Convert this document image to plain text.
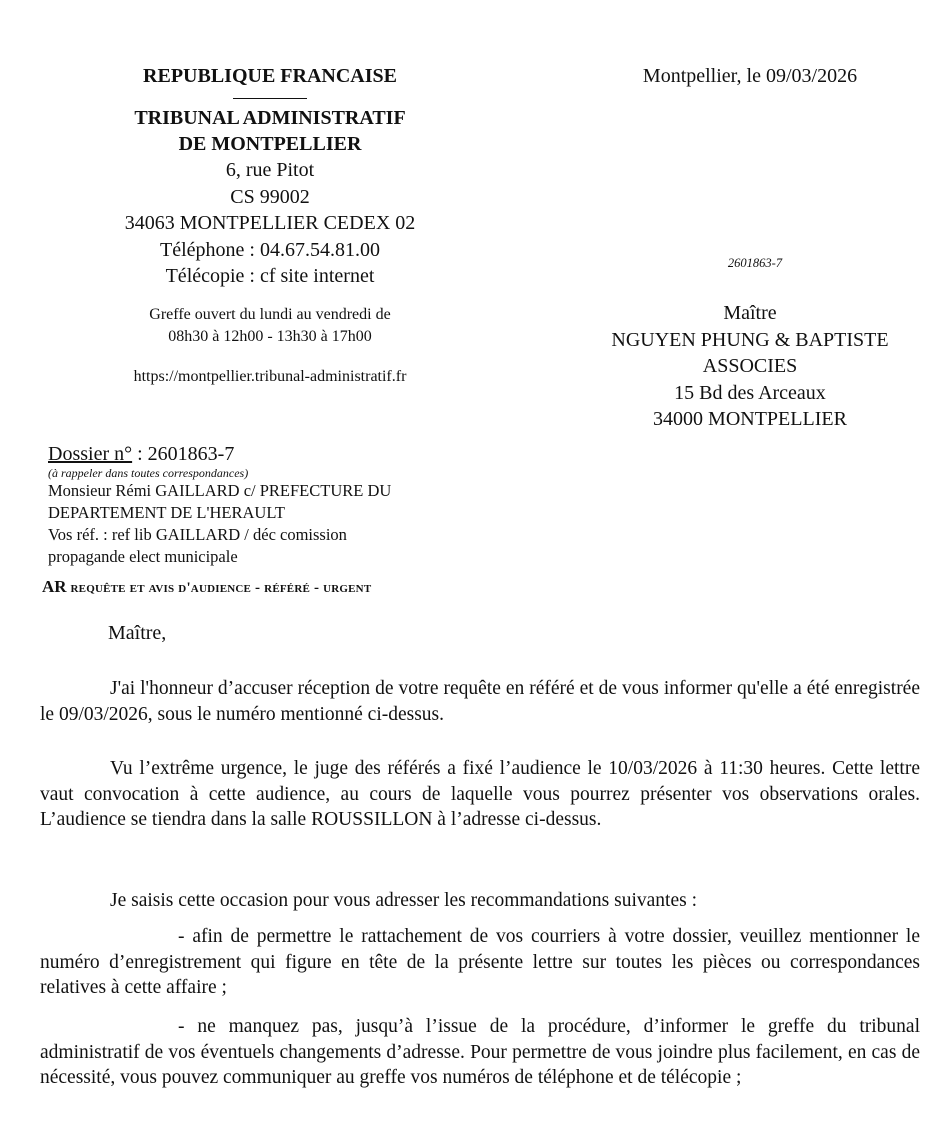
REPUBLIQUE FRANCAISE
TRIBUNAL ADMINISTRATIF
DE MONTPELLIER
6, rue Pitot
CS 99002
34063 MONTPELLIER CEDEX 02
Téléphone : 04.67.54.81.00
Télécopie : cf site internet
Greffe ouvert du lundi au vendredi de
08h30 à 12h00 - 13h30 à 17h00
https://montpellier.tribunal-administratif.fr
Montpellier, le 09/03/2026
2601863-7
Maître
NGUYEN PHUNG & BAPTISTE
ASSOCIES
15 Bd des Arceaux
34000 MONTPELLIER
Dossier n° : 2601863-7
(à rappeler dans toutes correspondances)
Monsieur Rémi GAILLARD c/ PREFECTURE DU
DEPARTEMENT DE L'HERAULT
Vos réf. : ref lib GAILLARD / déc comission
propagande elect municipale
AR requête et avis d'audience - référé - urgent
Maître,
J'ai l'honneur d’accuser réception de votre requête en référé et de vous informer qu'elle a été enregistrée le 09/03/2026, sous le numéro mentionné ci-dessus.
Vu l’extrême urgence, le juge des référés a fixé l’audience le 10/03/2026 à 11:30 heures. Cette lettre vaut convocation à cette audience, au cours de laquelle vous pourrez présenter vos observations orales. L’audience se tiendra dans la salle ROUSSILLON à l’adresse ci-dessus.
Je saisis cette occasion pour vous adresser les recommandations suivantes :
- afin de permettre le rattachement de vos courriers à votre dossier, veuillez mentionner le numéro d’enregistrement qui figure en tête de la présente lettre sur toutes les pièces ou correspondances relatives à cette affaire ;
- ne manquez pas, jusqu’à l’issue de la procédure, d’informer le greffe du tribunal administratif de vos éventuels changements d’adresse. Pour permettre de vous joindre plus facilement, en cas de nécessité, vous pouvez communiquer au greffe vos numéros de téléphone et de télécopie ;
